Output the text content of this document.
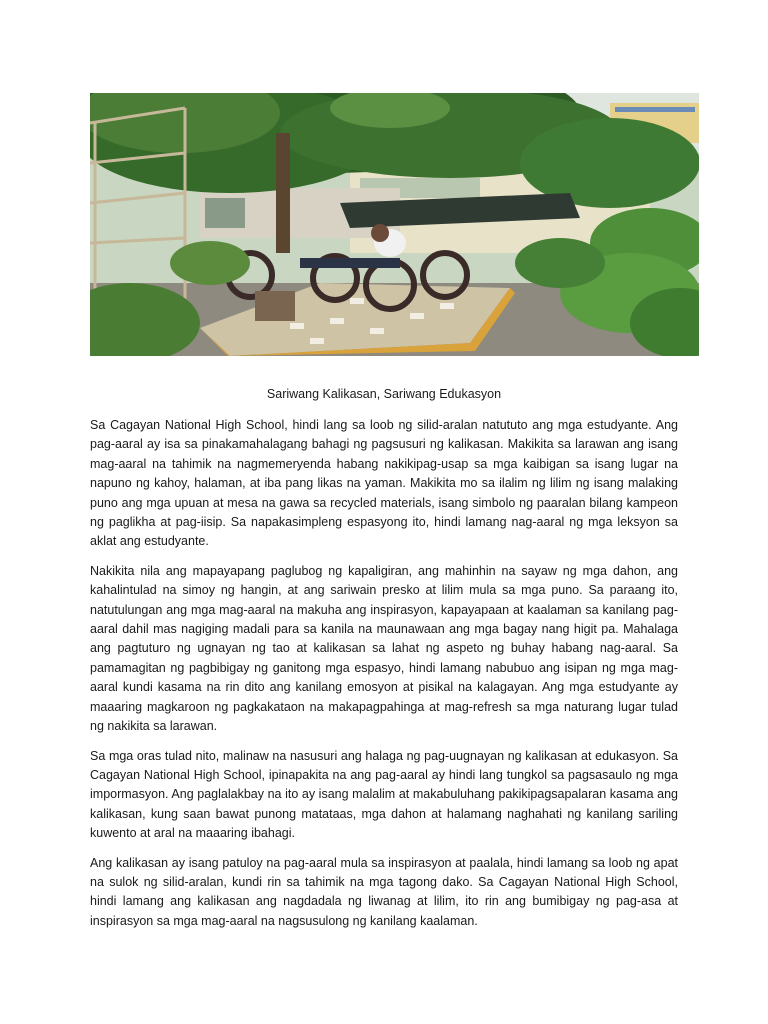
Sariwang Kalikasan, Sariwang Edukasyon

Sa Cagayan National High School, hindi lang sa loob ng silid-aralan natututo ang mga estudyante. Ang pag-aaral ay isa sa pinakamahalagang bahagi ng pagsusuri ng kalikasan. Makikita sa larawan ang isang mag-aaral na tahimik na nagmemeryenda habang nakikipag-usap sa mga kaibigan sa isang lugar na napuno ng kahoy, halaman, at iba pang likas na yaman. Makikita mo sa ilalim ng lilim ng isang malaking puno ang mga upuan at mesa na gawa sa recycled materials, isang simbolo ng paaralan bilang kampeon ng paglikha at pag-iisip. Sa napakasimpleng espasyong ito, hindi lamang nag-aaral ng mga leksyon sa aklat ang estudyante.

Nakikita nila ang mapayapang paglubog ng kapaligiran, ang mahinhin na sayaw ng mga dahon, ang kahalintulad na simoy ng hangin, at ang sariwain presko at lilim mula sa mga puno. Sa paraang ito, natutulungan ang mga mag-aaral na makuha ang inspirasyon, kapayapaan at kaalaman sa kanilang pag-aaral dahil mas nagiging madali para sa kanila na maunawaan ang mga bagay nang higit pa. Mahalaga ang pagtuturo ng ugnayan ng tao at kalikasan sa lahat ng aspeto ng buhay habang nag-aaral. Sa pamamagitan ng pagbibigay ng ganitong mga espasyo, hindi lamang nabubuo ang isipan ng mga mag-aaral kundi kasama na rin dito ang kanilang emosyon at pisikal na kalagayan. Ang mga estudyante ay maaaring magkaroon ng pagkakataon na makapagpahinga at mag-refresh sa mga naturang lugar tulad ng nakikita sa larawan.

Sa mga oras tulad nito, malinaw na nasusuri ang halaga ng pag-uugnayan ng kalikasan at edukasyon. Sa Cagayan National High School, ipinapakita na ang pag-aaral ay hindi lang tungkol sa pagsasaulo ng mga impormasyon. Ang paglalakbay na ito ay isang malalim at makabuluhang pakikipagsapalaran kasama ang kalikasan, kung saan bawat punong matataas, mga dahon at halamang naghahati ng kanilang sariling kuwento at aral na maaaring ibahagi.

Ang kalikasan ay isang patuloy na pag-aaral mula sa inspirasyon at paalala, hindi lamang sa loob ng apat na sulok ng silid-aralan, kundi rin sa tahimik na mga tagong dako. Sa Cagayan National High School, hindi lamang ang kalikasan ang nagdadala ng liwanag at lilim, ito rin ang bumibigay ng pag-asa at inspirasyon sa mga mag-aaral na nagsusulong ng kanilang kaalaman.
